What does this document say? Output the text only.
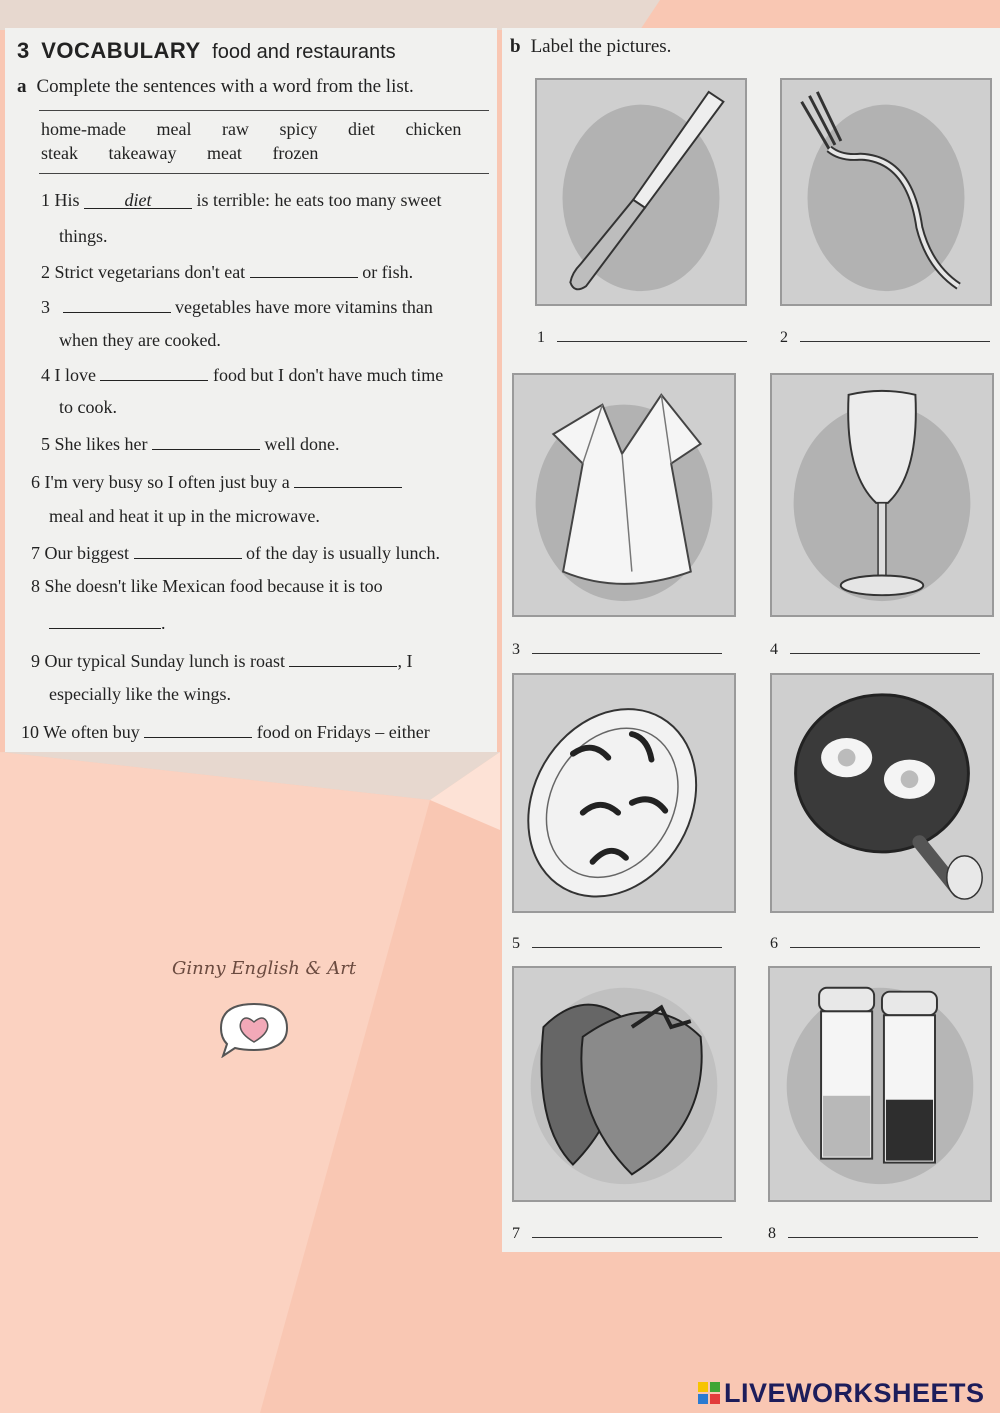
3 VOCABULARY food and restaurants
a Complete the sentences with a word from the list.
home-made meal raw spicy diet chicken
steak takeaway meat frozen
1 His	diet	is terrible: he eats too many sweet
things.
2 Strict vegetarians don't eat	or fish.
3	vegetables have more vitamins than
when they are cooked.
4 I love	food but I don't have much time
to cook.
5 She likes her	well done.
6 I'm very busy so I often just buy a
meal and heat it up in the microwave.
7 Our biggest	of the day is usually lunch.
8 She doesn't like Mexican food because it is too
.
9 Our typical Sunday lunch is roast	, I
especially like the wings.
10 We often buy	food on Fridays – either
b Label the pictures.
1	2
3	4
5	6
7	8
Ginny English & Art
LIVEWORKSHEETS
